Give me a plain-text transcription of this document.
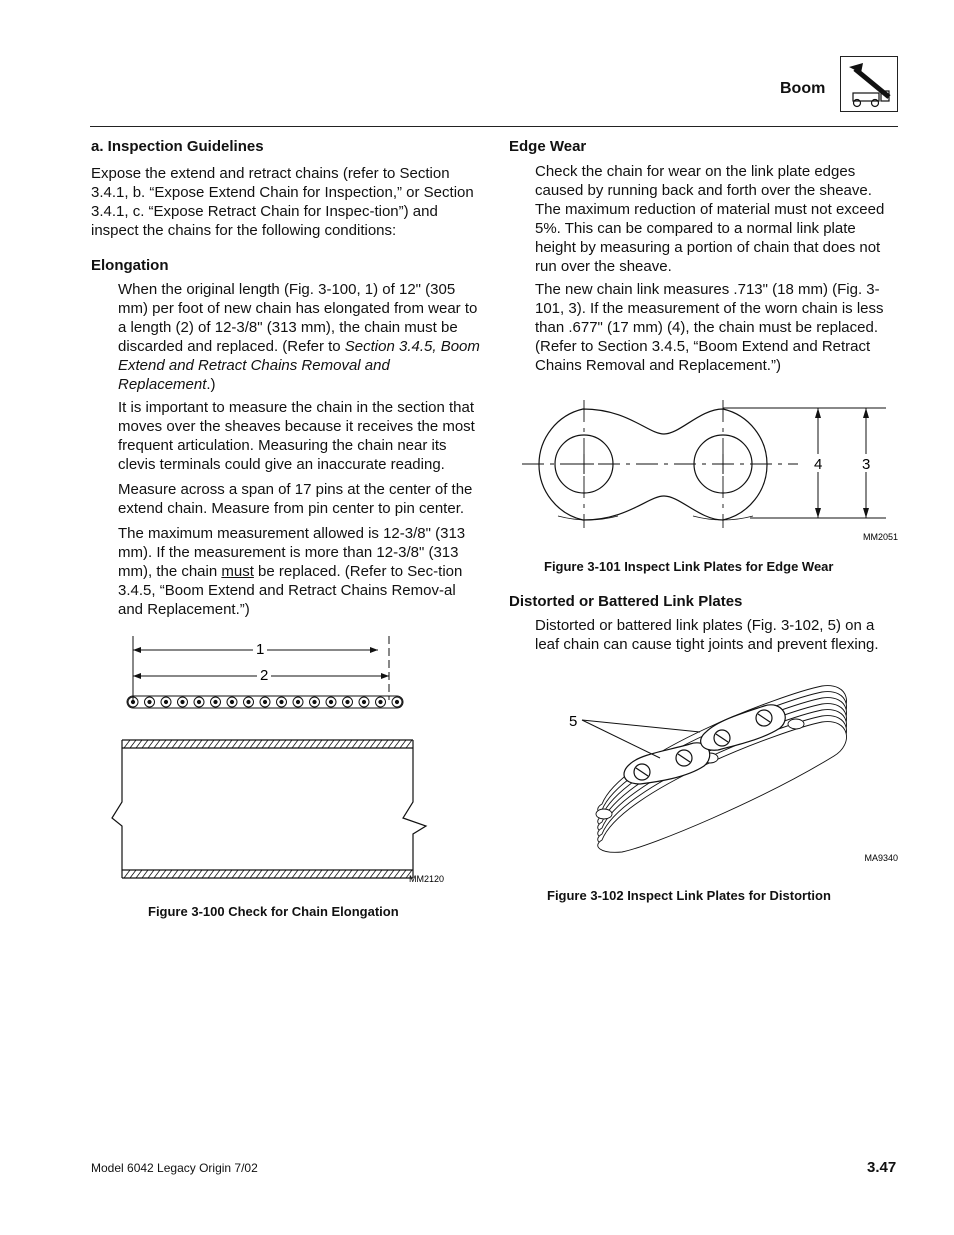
Boom
a. Inspection Guidelines

Expose the extend and retract chains (refer to Section 3.4.1, b. “Expose Extend Chain for Inspection,” or Section 3.4.1, c. “Expose Retract Chain for Inspec-tion”) and inspect the chains for the following conditions:

Elongation

When the original length (Fig. 3-100, 1) of 12" (305 mm) per foot of new chain has elongated from wear to a length (2) of 12-3/8" (313 mm), the chain must be discarded and replaced. (Refer to Section 3.4.5, Boom Extend and Retract Chains Removal and Replacement.)

It is important to measure the chain in the section that moves over the sheaves because it receives the most frequent articulation. Measuring the chain near its clevis terminals could give an inaccurate reading.

Measure across a span of 17 pins at the center of the extend chain. Measure from pin center to pin center.

The maximum measurement allowed is 12-3/8" (313 mm). If the measurement is more than 12-3/8" (313 mm), the chain must be replaced. (Refer to Sec-tion 3.4.5, “Boom Extend and Retract Chains Remov-al and Replacement.”)

1
2
MM2120
Figure 3-100 Check for Chain Elongation
Edge Wear

Check the chain for wear on the link plate edges caused by running back and forth over the sheave. The maximum reduction of material must not exceed 5%. This can be compared to a normal link plate height by measuring a portion of chain that does not run over the sheave.

The new chain link measures .713" (18 mm) (Fig. 3-101, 3). If the measurement of the worn chain is less than .677" (17 mm) (4), the chain must be replaced. (Refer to Section 3.4.5, “Boom Extend and Retract Chains Removal and Replacement.”)

4	3
MM2051
Figure 3-101 Inspect Link Plates for Edge Wear
Distorted or Battered Link Plates

Distorted or battered link plates (Fig. 3-102, 5) on a leaf chain can cause tight joints and prevent flexing.

5
MA9340
Figure 3-102 Inspect Link Plates for Distortion
Model 6042 Legacy Origin 7/02	3.47
